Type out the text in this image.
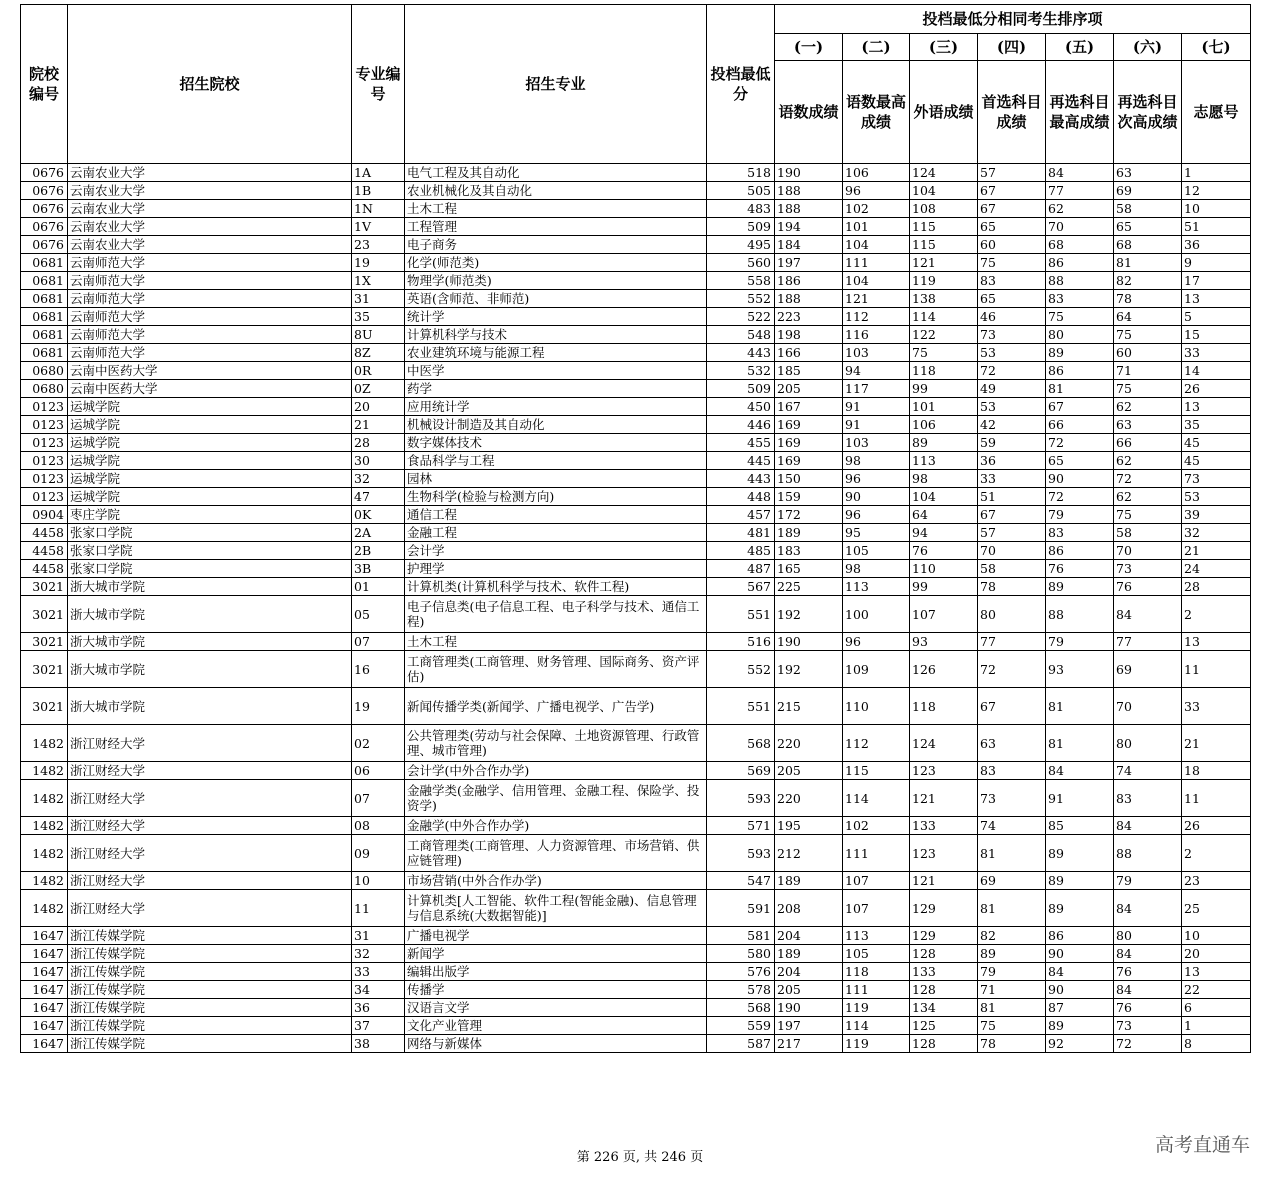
院校编号	招生院校	专业编号	招生专业	投档最低分	投档最低分相同考生排序项						
					(一)	(二)	(三)	(四)	(五)	(六)	(七)
					语数成绩	语数最高成绩	外语成绩	首选科目成绩	再选科目最高成绩	再选科目次高成绩	志愿号
0676	云南农业大学	1A	电气工程及其自动化	518	190	106	124	57	84	63	1
0676	云南农业大学	1B	农业机械化及其自动化	505	188	96	104	67	77	69	12
0676	云南农业大学	1N	土木工程	483	188	102	108	67	62	58	10
0676	云南农业大学	1V	工程管理	509	194	101	115	65	70	65	51
0676	云南农业大学	23	电子商务	495	184	104	115	60	68	68	36
0681	云南师范大学	19	化学(师范类)	560	197	111	121	75	86	81	9
0681	云南师范大学	1X	物理学(师范类)	558	186	104	119	83	88	82	17
0681	云南师范大学	31	英语(含师范、非师范)	552	188	121	138	65	83	78	13
0681	云南师范大学	35	统计学	522	223	112	114	46	75	64	5
0681	云南师范大学	8U	计算机科学与技术	548	198	116	122	73	80	75	15
0681	云南师范大学	8Z	农业建筑环境与能源工程	443	166	103	75	53	89	60	33
0680	云南中医药大学	0R	中医学	532	185	94	118	72	86	71	14
0680	云南中医药大学	0Z	药学	509	205	117	99	49	81	75	26
0123	运城学院	20	应用统计学	450	167	91	101	53	67	62	13
0123	运城学院	21	机械设计制造及其自动化	446	169	91	106	42	66	63	35
0123	运城学院	28	数字媒体技术	455	169	103	89	59	72	66	45
0123	运城学院	30	食品科学与工程	445	169	98	113	36	65	62	45
0123	运城学院	32	园林	443	150	96	98	33	90	72	73
0123	运城学院	47	生物科学(检验与检测方向)	448	159	90	104	51	72	62	53
0904	枣庄学院	0K	通信工程	457	172	96	64	67	79	75	39
4458	张家口学院	2A	金融工程	481	189	95	94	57	83	58	32
4458	张家口学院	2B	会计学	485	183	105	76	70	86	70	21
4458	张家口学院	3B	护理学	487	165	98	110	58	76	73	24
3021	浙大城市学院	01	计算机类(计算机科学与技术、软件工程)	567	225	113	99	78	89	76	28
3021	浙大城市学院	05	电子信息类(电子信息工程、电子科学与技术、通信工程)	551	192	100	107	80	88	84	2
3021	浙大城市学院	07	土木工程	516	190	96	93	77	79	77	13
3021	浙大城市学院	16	工商管理类(工商管理、财务管理、国际商务、资产评估)	552	192	109	126	72	93	69	11
3021	浙大城市学院	19	新闻传播学类(新闻学、广播电视学、广告学)	551	215	110	118	67	81	70	33
1482	浙江财经大学	02	公共管理类(劳动与社会保障、土地资源管理、行政管理、城市管理)	568	220	112	124	63	81	80	21
1482	浙江财经大学	06	会计学(中外合作办学)	569	205	115	123	83	84	74	18
1482	浙江财经大学	07	金融学类(金融学、信用管理、金融工程、保险学、投资学)	593	220	114	121	73	91	83	11
1482	浙江财经大学	08	金融学(中外合作办学)	571	195	102	133	74	85	84	26
1482	浙江财经大学	09	工商管理类(工商管理、人力资源管理、市场营销、供应链管理)	593	212	111	123	81	89	88	2
1482	浙江财经大学	10	市场营销(中外合作办学)	547	189	107	121	69	89	79	23
1482	浙江财经大学	11	计算机类[人工智能、软件工程(智能金融)、信息管理与信息系统(大数据智能)]	591	208	107	129	81	89	84	25
1647	浙江传媒学院	31	广播电视学	581	204	113	129	82	86	80	10
1647	浙江传媒学院	32	新闻学	580	189	105	128	89	90	84	20
1647	浙江传媒学院	33	编辑出版学	576	204	118	133	79	84	76	13
1647	浙江传媒学院	34	传播学	578	205	111	128	71	90	84	22
1647	浙江传媒学院	36	汉语言文学	568	190	119	134	81	87	76	6
1647	浙江传媒学院	37	文化产业管理	559	197	114	125	75	89	73	1
1647	浙江传媒学院	38	网络与新媒体	587	217	119	128	78	92	72	8
第 226 页, 共 246 页
高考直通车
